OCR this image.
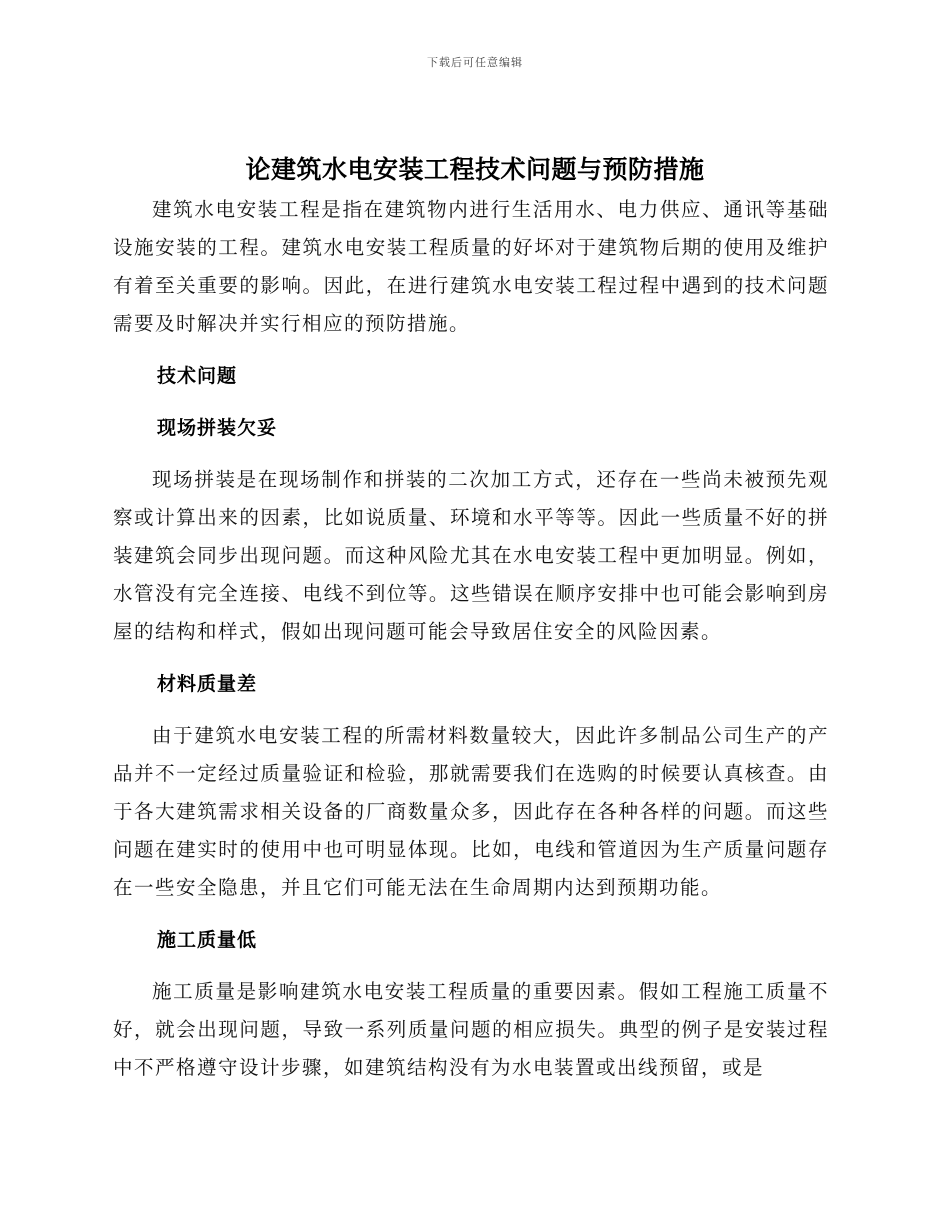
下载后可任意编辑
论建筑水电安装工程技术问题与预防措施

建筑水电安装工程是指在建筑物内进行生活用水、电力供应、通讯等基础设施安装的工程。建筑水电安装工程质量的好坏对于建筑物后期的使用及维护有着至关重要的影响。因此，在进行建筑水电安装工程过程中遇到的技术问题需要及时解决并实行相应的预防措施。

技术问题
现场拼装欠妥

现场拼装是在现场制作和拼装的二次加工方式，还存在一些尚未被预先观察或计算出来的因素，比如说质量、环境和水平等等。因此一些质量不好的拼装建筑会同步出现问题。而这种风险尤其在水电安装工程中更加明显。例如，水管没有完全连接、电线不到位等。这些错误在顺序安排中也可能会影响到房屋的结构和样式，假如出现问题可能会导致居住安全的风险因素。

材料质量差

由于建筑水电安装工程的所需材料数量较大，因此许多制品公司生产的产品并不一定经过质量验证和检验，那就需要我们在选购的时候要认真核查。由于各大建筑需求相关设备的厂商数量众多，因此存在各种各样的问题。而这些问题在建实时的使用中也可明显体现。比如，电线和管道因为生产质量问题存在一些安全隐患，并且它们可能无法在生命周期内达到预期功能。

施工质量低

施工质量是影响建筑水电安装工程质量的重要因素。假如工程施工质量不好，就会出现问题，导致一系列质量问题的相应损失。典型的例子是安装过程中不严格遵守设计步骤，如建筑结构没有为水电装置或出线预留，或是
